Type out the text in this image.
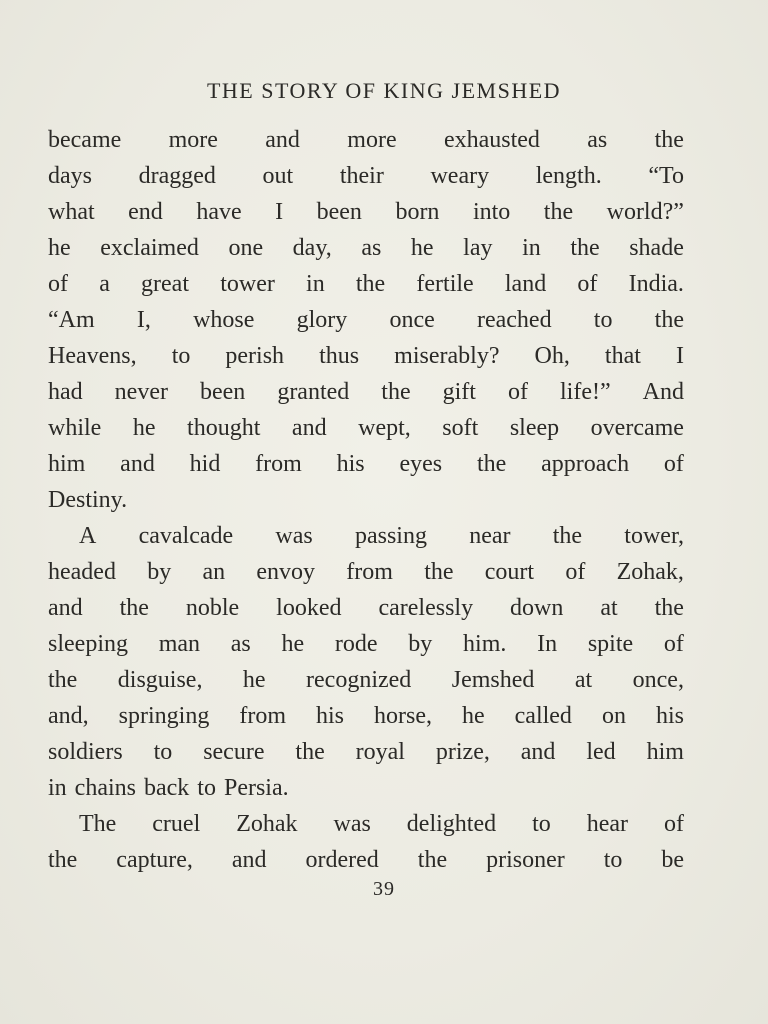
THE STORY OF KING JEMSHED
became more and more exhausted as the
days dragged out their weary length. “To
what end have I been born into the world?”
he exclaimed one day, as he lay in the shade
of a great tower in the fertile land of India.
“Am I, whose glory once reached to the
Heavens, to perish thus miserably? Oh, that I
had never been granted the gift of life!” And
while he thought and wept, soft sleep overcame
him and hid from his eyes the approach of
Destiny.
A cavalcade was passing near the tower,
headed by an envoy from the court of Zohak,
and the noble looked carelessly down at the
sleeping man as he rode by him. In spite of
the disguise, he recognized Jemshed at once,
and, springing from his horse, he called on his
soldiers to secure the royal prize, and led him
in chains back to Persia.
The cruel Zohak was delighted to hear of
the capture, and ordered the prisoner to be
39
